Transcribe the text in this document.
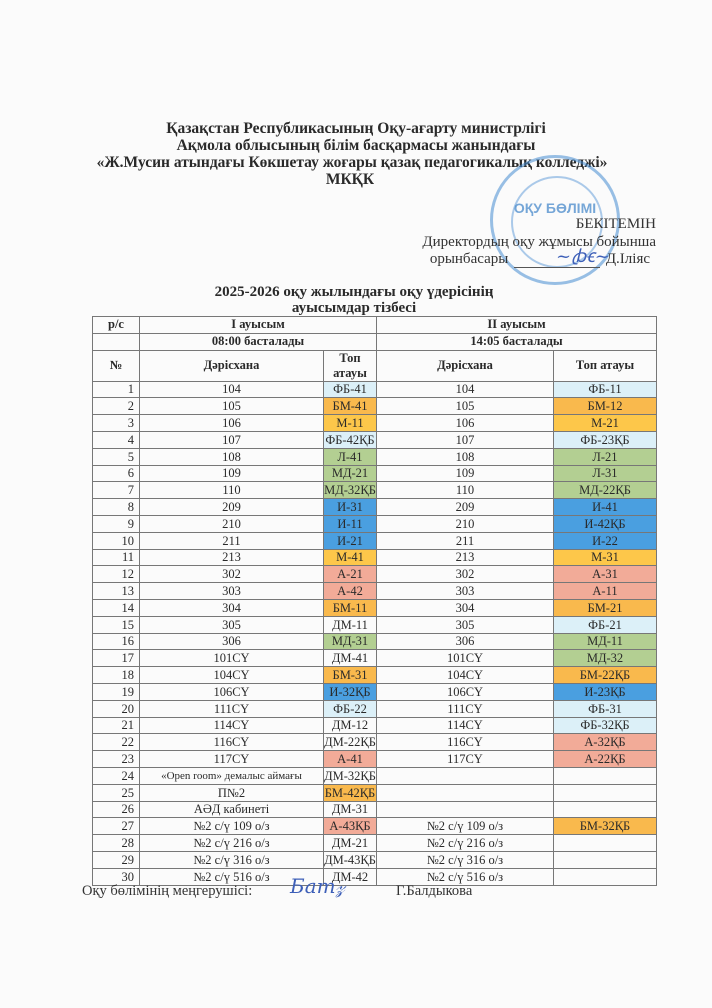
Қазақстан Республикасының Оқу-ағарту министрлігі
Ақмола облысының білім басқармасы жанындағы
«Ж.Мусин атындағы Көкшетау жоғары қазақ педагогикалық колледжі»
МКҚК
ОҚУ БӨЛІМІ
БЕКІТЕМІН
Директордың оқу жұмысы бойынша
орынбасары	Д.Іліяс
~ꞗꞓ~
2025-2026 оқу жылындағы оқу үдерісінің
ауысымдар тізбесі
р/с	І ауысым		ІІ ауысым	
	08:00 басталады		14:05 басталады	
№	Дәрісхана	Топ атауы	Дәрісхана	Топ атауы
1	104	ФБ-41	104	ФБ-11
2	105	БМ-41	105	БМ-12
3	106	М-11	106	М-21
4	107	ФБ-42ҚБ	107	ФБ-23ҚБ
5	108	Л-41	108	Л-21
6	109	МД-21	109	Л-31
7	110	МД-32ҚБ	110	МД-22ҚБ
8	209	И-31	209	И-41
9	210	И-11	210	И-42ҚБ
10	211	И-21	211	И-22
11	213	М-41	213	М-31
12	302	А-21	302	А-31
13	303	А-42	303	А-11
14	304	БМ-11	304	БМ-21
15	305	ДМ-11	305	ФБ-21
16	306	МД-31	306	МД-11
17	101СҮ	ДМ-41	101СҮ	МД-32
18	104СҮ	БМ-31	104СҮ	БМ-22ҚБ
19	106СҮ	И-32ҚБ	106СҮ	И-23ҚБ
20	111СҮ	ФБ-22	111СҮ	ФБ-31
21	114СҮ	ДМ-12	114СҮ	ФБ-32ҚБ
22	116СҮ	ДМ-22ҚБ	116СҮ	А-32ҚБ
23	117СҮ	А-41	117СҮ	А-22ҚБ
24	«Open room» демалыс аймағы	ДМ-32ҚБ		
25	П№2	БМ-42ҚБ		
26	АӘД кабинеті	ДМ-31		
27	№2 с/ү 109 о/з	А-43ҚБ	№2 с/ү 109 о/з	БМ-32ҚБ
28	№2 с/ү 216 о/з	ДМ-21	№2 с/ү 216 о/з	
29	№2 с/ү 316 о/з	ДМ-43ҚБ	№2 с/ү 316 о/з	
30	№2 с/ү 516 о/з	ДМ-42	№2 с/ү 516 о/з	
Оқу бөлімінің меңгерушісі: Бam𝓏	Г.Балдыкова
